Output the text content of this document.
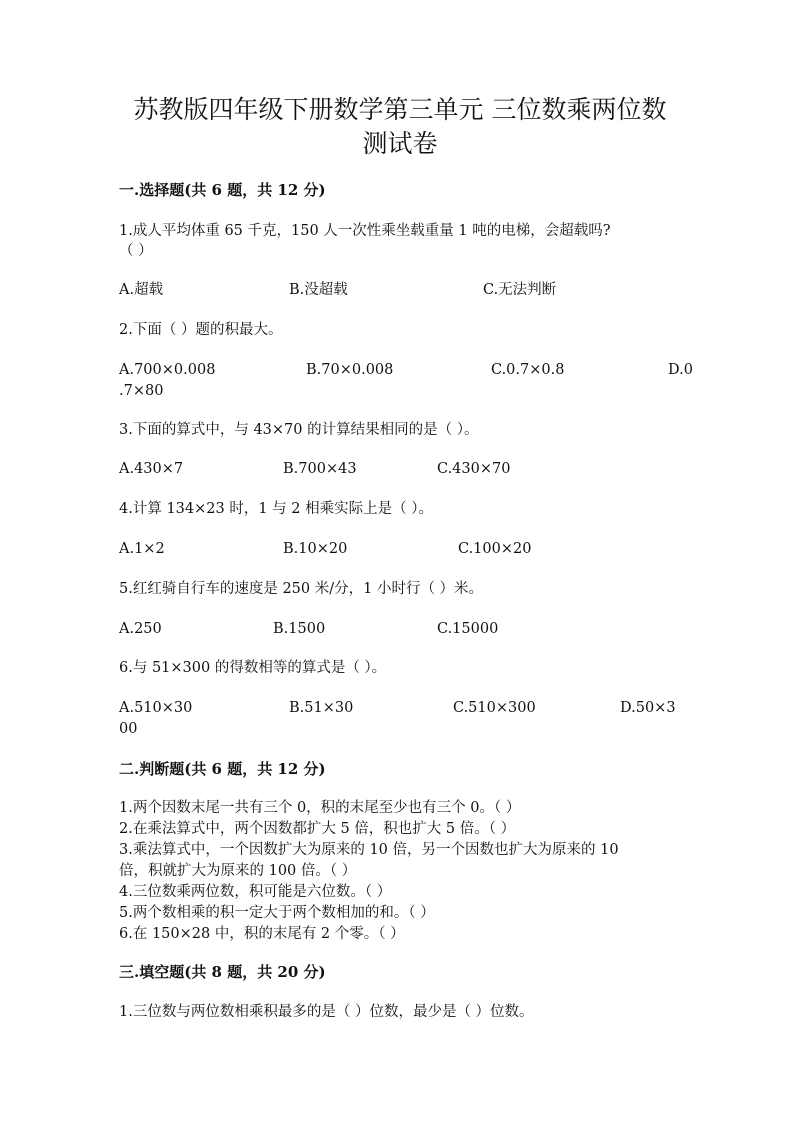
苏教版四年级下册数学第三单元 三位数乘两位数
测试卷
一.选择题(共 6 题，共 12 分)
1.成人平均体重 65 千克，150 人一次性乘坐载重量 1 吨的电梯，会超载吗?
（ ）
A.超载	B.没超载	C.无法判断
2.下面（ ）题的积最大。
A.700×0.008	B.70×0.008	C.0.7×0.8	D.0
.7×80
3.下面的算式中，与 43×70 的计算结果相同的是（ ）。
A.430×7	B.700×43	C.430×70
4.计算 134×23 时，1 与 2 相乘实际上是（ ）。
A.1×2	B.10×20	C.100×20
5.红红骑自行车的速度是 250 米/分，1 小时行（ ）米。
A.250	B.1500	C.15000
6.与 51×300 的得数相等的算式是（ ）。
A.510×30	B.51×30	C.510×300	D.50×3
00
二.判断题(共 6 题，共 12 分)
1.两个因数末尾一共有三个 0，积的末尾至少也有三个 0。（ ）
2.在乘法算式中，两个因数都扩大 5 倍，积也扩大 5 倍。（ ）
3.乘法算式中，一个因数扩大为原来的 10 倍，另一个因数也扩大为原来的 10
倍，积就扩大为原来的 100 倍。（ ）
4.三位数乘两位数，积可能是六位数。（ ）
5.两个数相乘的积一定大于两个数相加的和。（ ）
6.在 150×28 中，积的末尾有 2 个零。（ ）
三.填空题(共 8 题，共 20 分)
1.三位数与两位数相乘积最多的是（ ）位数，最少是（ ）位数。
